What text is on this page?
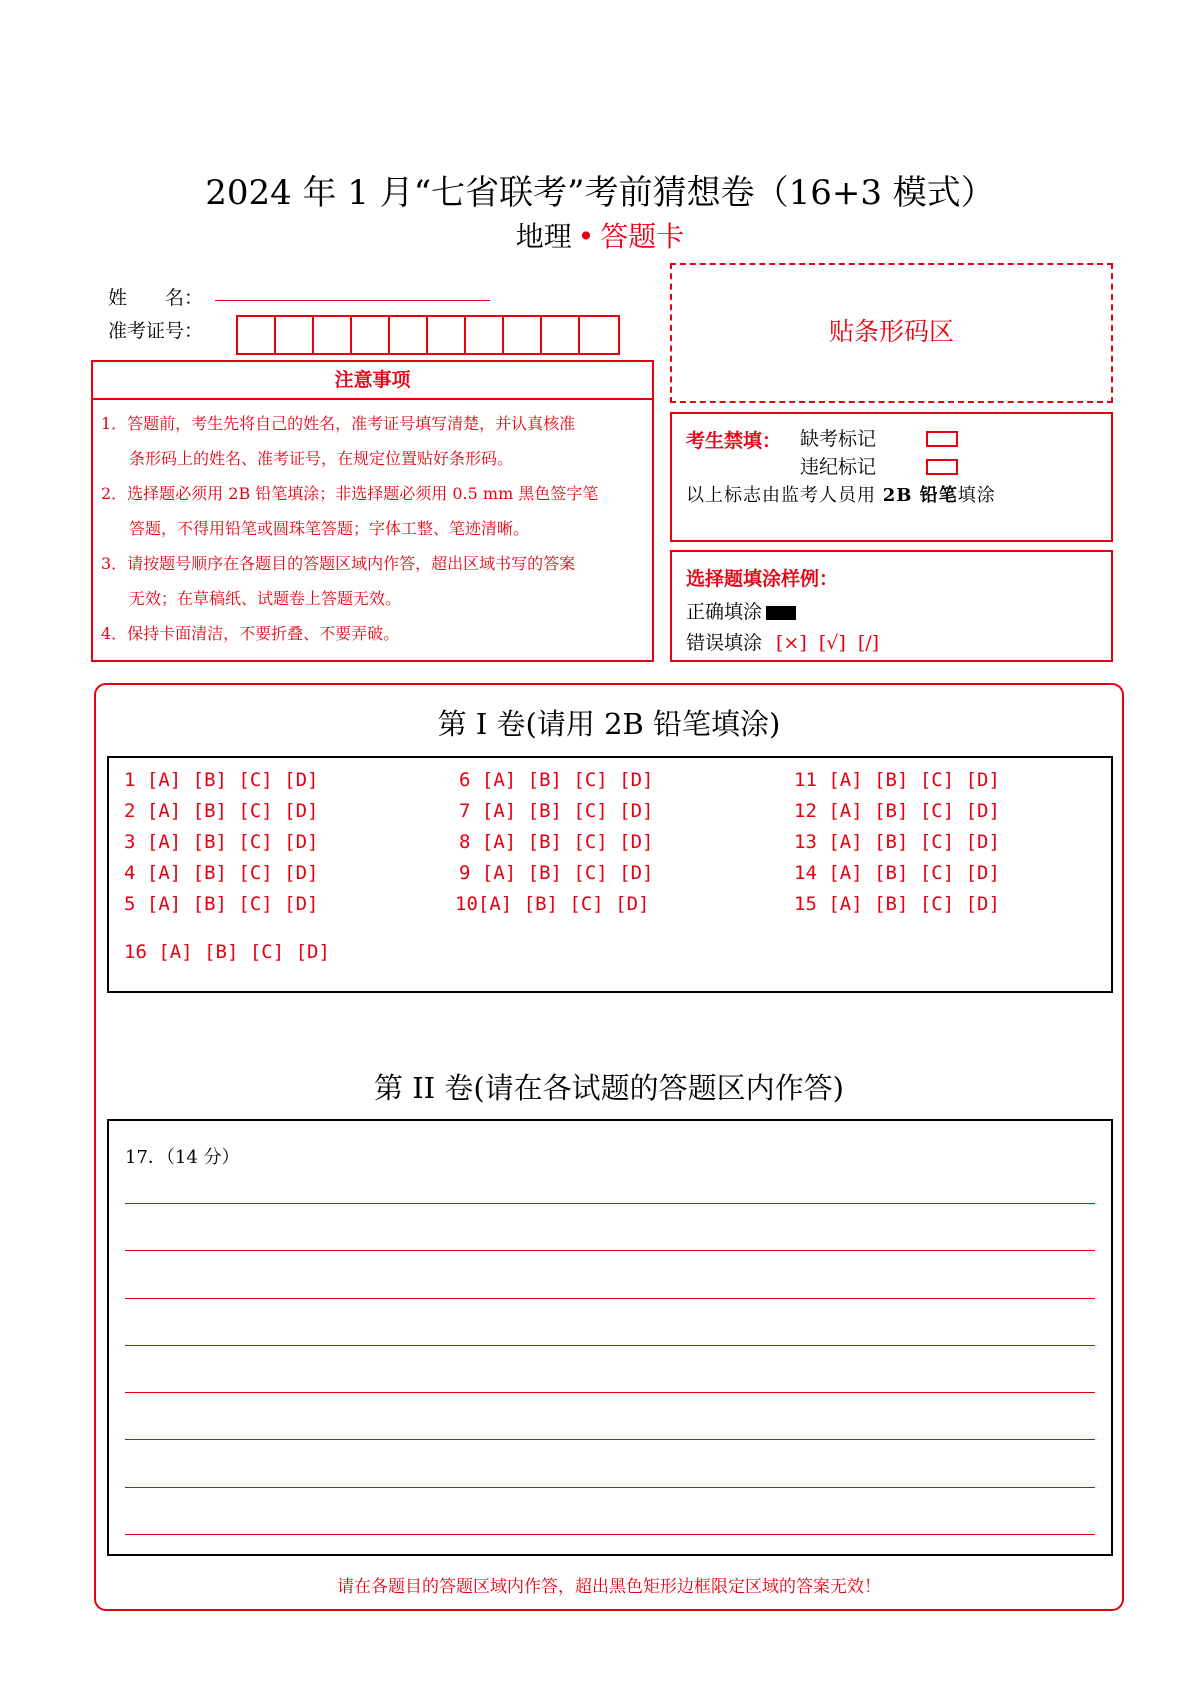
2024 年 1 月“七省联考”考前猜想卷（16+3 模式）
地理 • 答题卡
姓　　名：
准考证号：
注意事项
1．答题前，考生先将自己的姓名，准考证号填写清楚，并认真核准
条形码上的姓名、准考证号，在规定位置贴好条形码。
2．选择题必须用 2B 铅笔填涂；非选择题必须用 0.5 mm 黑色签字笔
答题，不得用铅笔或圆珠笔答题；字体工整、笔迹清晰。
3．请按题号顺序在各题目的答题区域内作答，超出区域书写的答案
无效；在草稿纸、试题卷上答题无效。
4．保持卡面清洁，不要折叠、不要弄破。
贴条形码区
考生禁填： 缺考标记
违纪标记
以上标志由监考人员用 2B 铅笔填涂
选择题填涂样例：
正确填涂
错误填涂 [×]  [√]  [/]
第 I 卷(请用 2B 铅笔填涂)
1 [A] [B] [C] [D]
2 [A] [B] [C] [D]
3 [A] [B] [C] [D]
4 [A] [B] [C] [D]
5 [A] [B] [C] [D]
6 [A] [B] [C] [D]
7 [A] [B] [C] [D]
8 [A] [B] [C] [D]
9 [A] [B] [C] [D]
10[A] [B] [C] [D]
11 [A] [B] [C] [D]
12 [A] [B] [C] [D]
13 [A] [B] [C] [D]
14 [A] [B] [C] [D]
15 [A] [B] [C] [D]
16 [A] [B] [C] [D]
第 II 卷(请在各试题的答题区内作答)
17．（14 分）
请在各题目的答题区域内作答，超出黑色矩形边框限定区域的答案无效！
